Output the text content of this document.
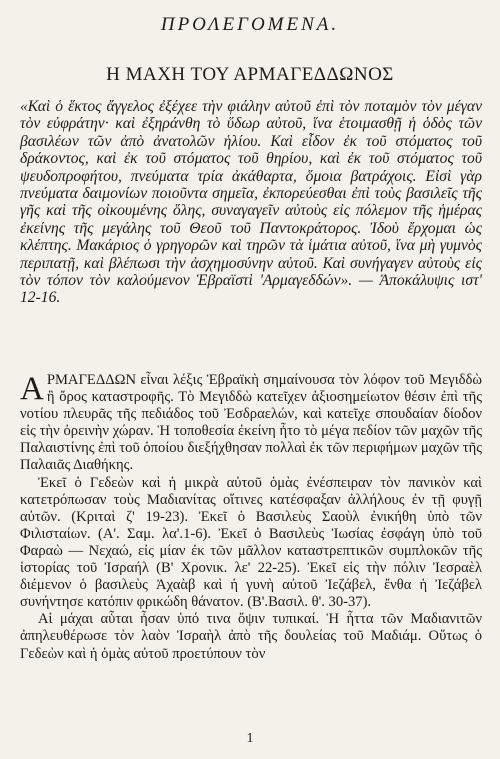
ΠΡΟΛΕΓΟΜΕΝΑ.
Η ΜΑΧΗ ΤΟΥ ΑΡΜΑΓΕΔΔΩΝΟΣ

«Καὶ ὁ ἕκτος ἄγγελος ἐξέχεε τὴν φιάλην αὐτοῦ ἐπὶ τὸν ποταμὸν τὸν μέγαν τὸν εὐφράτην· καὶ ἐξηράνθη τὸ ὕδωρ αὐτοῦ, ἵνα ἑτοιμασθῇ ἡ ὁδὸς τῶν βασιλέων τῶν ἀπὸ ἀνατολῶν ἡλίου. Καὶ εἶδον ἐκ τοῦ στόματος τοῦ δράκοντος, καὶ ἐκ τοῦ στόματος τοῦ θηρίου, καὶ ἐκ τοῦ στόματος τοῦ ψευδοπροφήτου, πνεύματα τρία ἀκάθαρτα, ὅμοια βατράχοις. Εἰσὶ γὰρ πνεύματα δαιμονίων ποιοῦντα σημεῖα, ἐκπορεύεσθαι ἐπὶ τοὺς βασιλεῖς τῆς γῆς καὶ τῆς οἰκουμένης ὅλης, συναγαγεῖν αὐτοὺς εἰς πόλεμον τῆς ἡμέρας ἐκείνης τῆς μεγάλης τοῦ Θεοῦ τοῦ Παντοκράτορος. Ἰδοὺ ἔρχομαι ὡς κλέπτης. Μακάριος ὁ γρηγορῶν καὶ τηρῶν τὰ ἱμάτια αὐτοῦ, ἵνα μὴ γυμνὸς περιπατῇ, καὶ βλέπωσι τὴν ἀσχημοσύνην αὐτοῦ. Καὶ συνήγαγεν αὐτοὺς εἰς τὸν τόπον τὸν καλούμενον Ἑβραϊστὶ 'Αρμαγεδδών». — Ἀποκάλυψις ιστ' 12-16.

ΑΡΜΑΓΕΔΔΩΝ εἶναι λέξις Ἑβραϊκὴ σημαίνουσα τὸν λόφον τοῦ Μεγιδδὼ ἢ ὄρος καταστροφῆς. Τὸ Μεγιδδὼ κατεῖχεν ἀξιοσημείωτον θέσιν ἐπὶ τῆς νοτίου πλευρᾶς τῆς πεδιάδος τοῦ Ἐσδραελών, καὶ κατεῖχε σπουδαίαν δίοδον εἰς τὴν ὀρεινὴν χώραν. Ἡ τοποθεσία ἐκείνη ἦτο τὸ μέγα πεδίον τῶν μαχῶν τῆς Παλαιστίνης ἐπὶ τοῦ ὁποίου διεξήχθησαν πολλαὶ ἐκ τῶν περιφήμων μαχῶν τῆς Παλαιᾶς Διαθήκης.

Ἐκεῖ ὁ Γεδεὼν καὶ ἡ μικρὰ αὐτοῦ ὁμὰς ἐνέσπειραν τὸν πανικὸν καὶ κατετρόπωσαν τοὺς Μαδιανίτας οἵτινες κατέσφαξαν ἀλλήλους ἐν τῇ φυγῇ αὐτῶν. (Κριταὶ ζ' 19-23). Ἐκεῖ ὁ Βασιλεὺς Σαοὺλ ἐνικήθη ὑπὸ τῶν Φιλισταίων. (Α'. Σαμ. λα'.1-6). Ἐκεῖ ὁ Βασιλεὺς Ἰωσίας ἐσφάγη ὑπὸ τοῦ Φαραὼ — Νεχαώ, εἰς μίαν ἐκ τῶν μᾶλλον καταστρεπτικῶν συμπλοκῶν τῆς ἱστορίας τοῦ Ἰσραήλ (Β' Χρονικ. λε' 22-25). Ἐκεῖ εἰς τὴν πόλιν Ἰεσραὲλ διέμενον ὁ βασιλεὺς Ἀχαὰβ καὶ ἡ γυνὴ αὐτοῦ Ἰεζάβελ, ἔνθα ἡ Ἰεζάβελ συνήντησε κατόπιν φρικώδη θάνατον. (Β'.Βασιλ. θ'. 30-37).

Αἱ μάχαι αὗται ἦσαν ὑπό τινα ὄψιν τυπικαί. Ἡ ἧττα τῶν Μαδιανιτῶν ἀπηλευθέρωσε τὸν λαὸν Ἰσραὴλ ἀπὸ τῆς δουλείας τοῦ Μαδιάμ. Οὕτως ὁ Γεδεὼν καὶ ἡ ὁμὰς αὐτοῦ προετύπουν τὸν

1
